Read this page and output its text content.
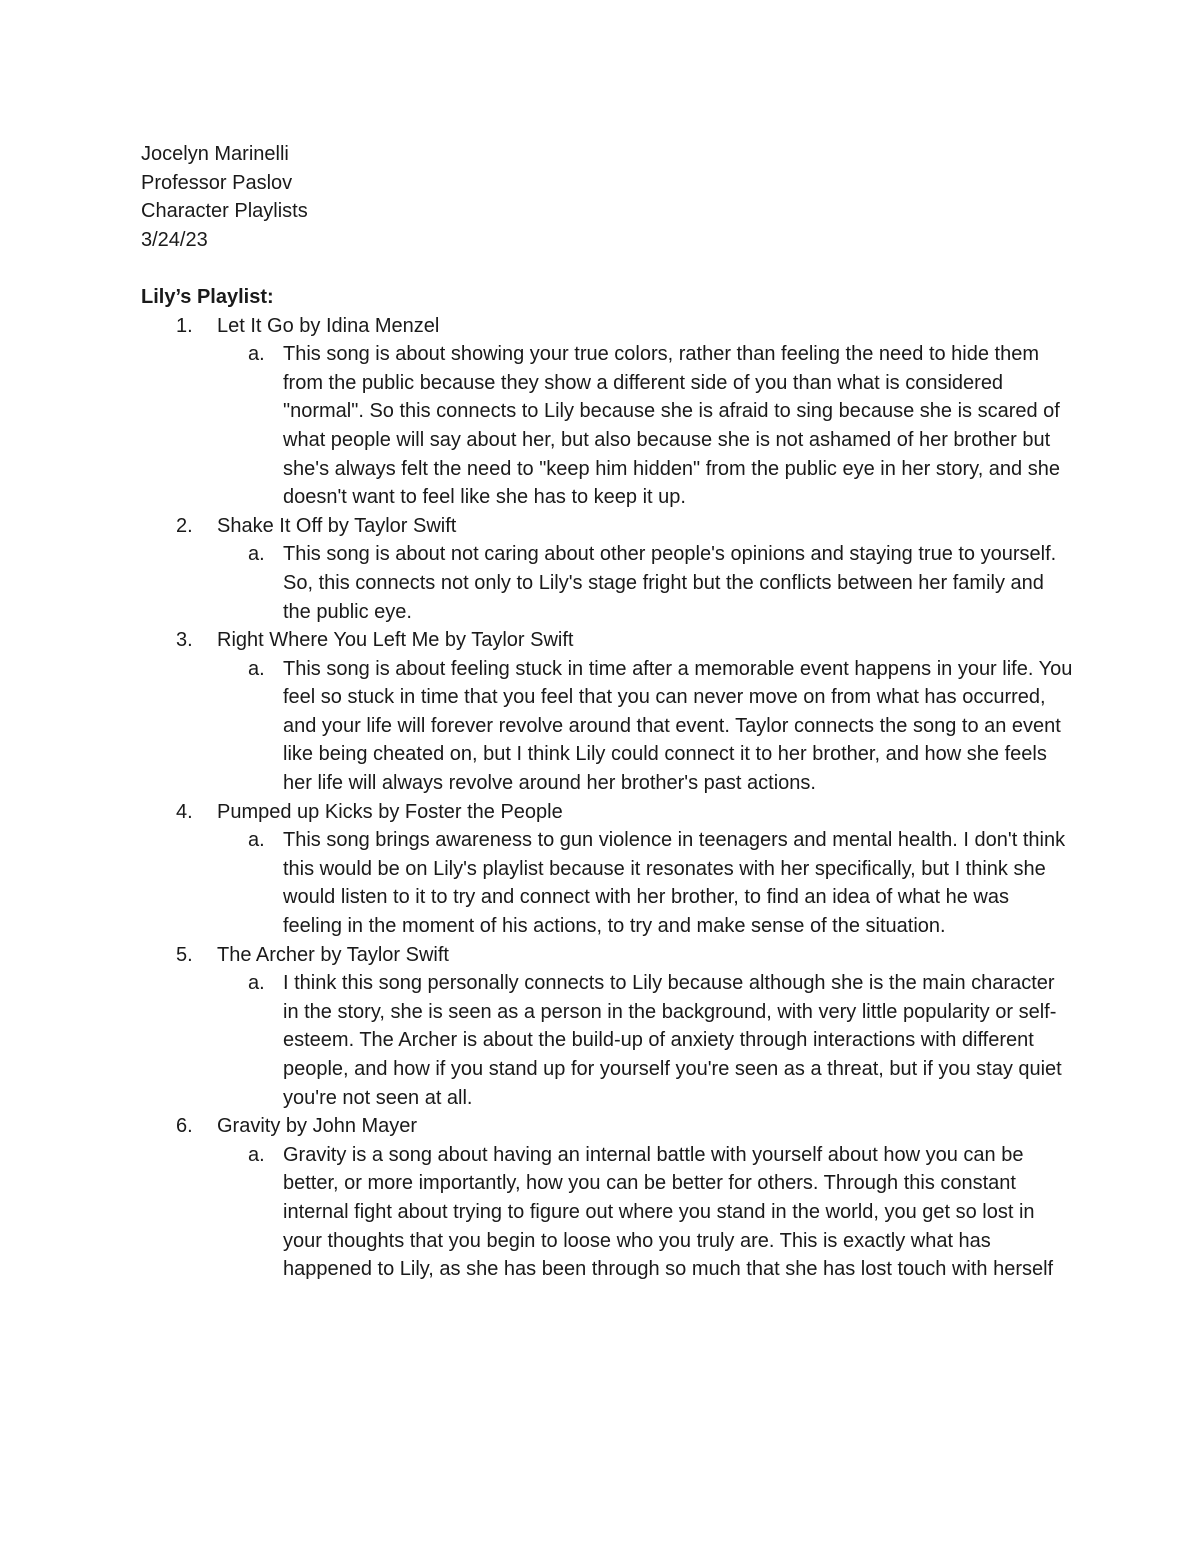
Jocelyn Marinelli

Professor Paslov

Character Playlists

3/24/23

Lily’s Playlist:

1. Let It Go by Idina Menzel

a. This song is about showing your true colors, rather than feeling the need to hide them from the public because they show a different side of you than what is considered "normal". So this connects to Lily because she is afraid to sing because she is scared of what people will say about her, but also because she is not ashamed of her brother but she's always felt the need to "keep him hidden" from the public eye in her story, and she doesn't want to feel like she has to keep it up.

2. Shake It Off by Taylor Swift

a. This song is about not caring about other people's opinions and staying true to yourself. So, this connects not only to Lily's stage fright but the conflicts between her family and the public eye.

3. Right Where You Left Me by Taylor Swift

a. This song is about feeling stuck in time after a memorable event happens in your life. You feel so stuck in time that you feel that you can never move on from what has occurred, and your life will forever revolve around that event. Taylor connects the song to an event like being cheated on, but I think Lily could connect it to her brother, and how she feels her life will always revolve around her brother's past actions.

4. Pumped up Kicks by Foster the People

a. This song brings awareness to gun violence in teenagers and mental health. I don't think this would be on Lily's playlist because it resonates with her specifically, but I think she would listen to it to try and connect with her brother, to find an idea of what he was feeling in the moment of his actions, to try and make sense of the situation.

5. The Archer by Taylor Swift

a. I think this song personally connects to Lily because although she is the main character in the story, she is seen as a person in the background, with very little popularity or self-esteem. The Archer is about the build-up of anxiety through interactions with different people, and how if you stand up for yourself you're seen as a threat, but if you stay quiet you're not seen at all.

6. Gravity by John Mayer

a. Gravity is a song about having an internal battle with yourself about how you can be better, or more importantly, how you can be better for others. Through this constant internal fight about trying to figure out where you stand in the world, you get so lost in your thoughts that you begin to loose who you truly are. This is exactly what has happened to Lily, as she has been through so much that she has lost touch with herself
